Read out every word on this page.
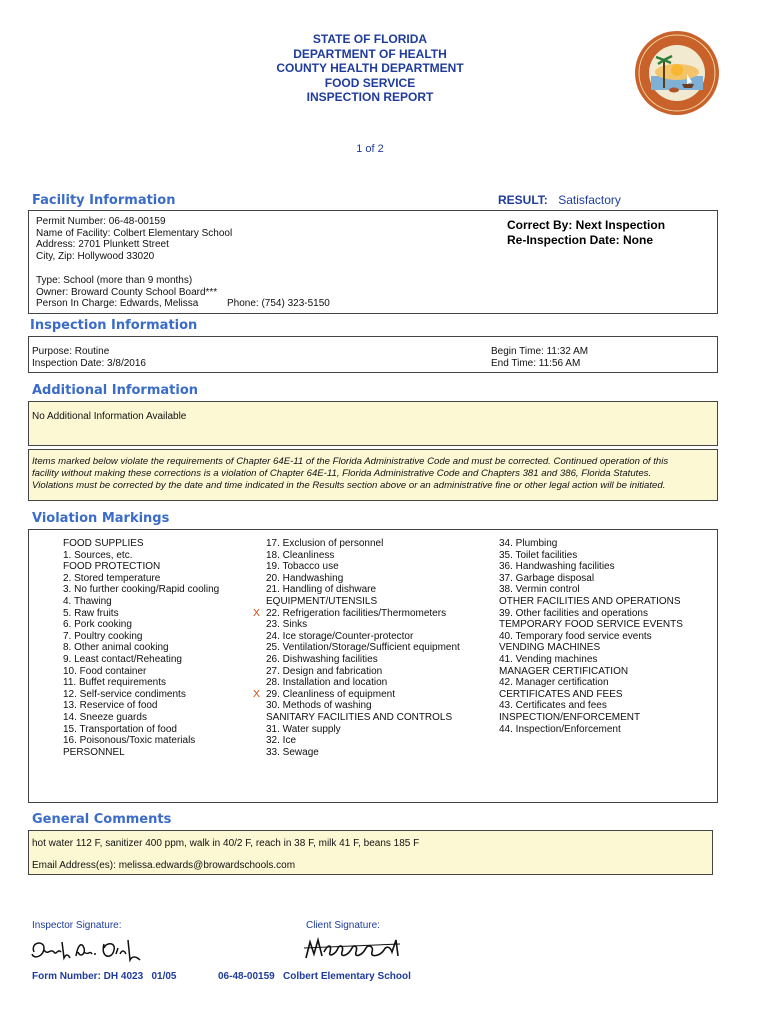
STATE OF FLORIDA
DEPARTMENT OF HEALTH
COUNTY HEALTH DEPARTMENT
FOOD SERVICE
INSPECTION REPORT
1 of 2
Facility Information	RESULT: Satisfactory
Permit Number: 06-48-00159
Name of Facility: Colbert Elementary School
Address: 2701 Plunkett Street
City, Zip: Hollywood 33020
Type: School (more than 9 months)
Owner: Broward County School Board***
Person In Charge: Edwards, Melissa	Phone: (754) 323-5150
Correct By: Next Inspection
Re-Inspection Date: None
Inspection Information
Purpose: Routine
Inspection Date: 3/8/2016
Begin Time: 11:32 AM
End Time: 11:56 AM
Additional Information
No Additional Information Available
Items marked below violate the requirements of Chapter 64E-11 of the Florida Administrative Code and must be corrected. Continued operation of this
facility without making these corrections is a violation of Chapter 64E-11, Florida Administrative Code and Chapters 381 and 386, Florida Statutes.
Violations must be corrected by the date and time indicated in the Results section above or an administrative fine or other legal action will be initiated.
Violation Markings
FOOD SUPPLIES
1. Sources, etc.
FOOD PROTECTION
2. Stored temperature
3. No further cooking/Rapid cooling
4. Thawing
5. Raw fruits
6. Pork cooking
7. Poultry cooking
8. Other animal cooking
9. Least contact/Reheating
10. Food container
11. Buffet requirements
12. Self-service condiments
13. Reservice of food
14. Sneeze guards
15. Transportation of food
16. Poisonous/Toxic materials
PERSONNEL
17. Exclusion of personnel
18. Cleanliness
19. Tobacco use
20. Handwashing
21. Handling of dishware
EQUIPMENT/UTENSILS
X 22. Refrigeration facilities/Thermometers
23. Sinks
24. Ice storage/Counter-protector
25. Ventilation/Storage/Sufficient equipment
26. Dishwashing facilities
27. Design and fabrication
28. Installation and location
X 29. Cleanliness of equipment
30. Methods of washing
SANITARY FACILITIES AND CONTROLS
31. Water supply
32. Ice
33. Sewage
34. Plumbing
35. Toilet facilities
36. Handwashing facilities
37. Garbage disposal
38. Vermin control
OTHER FACILITIES AND OPERATIONS
39. Other facilities and operations
TEMPORARY FOOD SERVICE EVENTS
40. Temporary food service events
VENDING MACHINES
41. Vending machines
MANAGER CERTIFICATION
42. Manager certification
CERTIFICATES AND FEES
43. Certificates and fees
INSPECTION/ENFORCEMENT
44. Inspection/Enforcement
General Comments
hot water 112 F, sanitizer 400 ppm, walk in 40/2 F, reach in 38 F, milk 41 F, beans 185 F
Email Address(es): melissa.edwards@browardschools.com
Inspector Signature:	Client Signature:
Form Number: DH 4023   01/05	06-48-00159   Colbert Elementary School
